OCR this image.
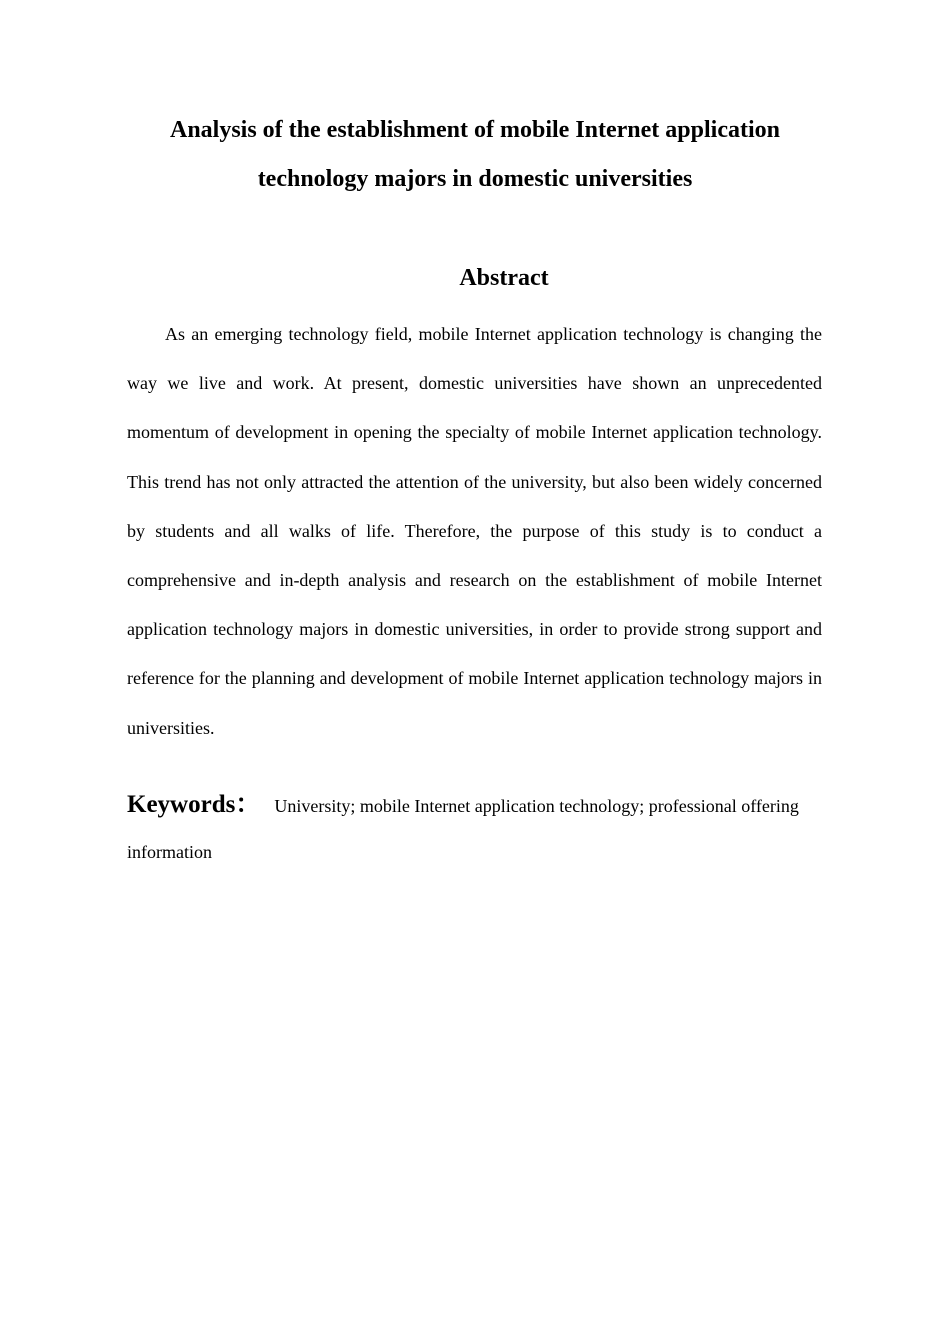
Analysis of the establishment of mobile Internet application technology majors in domestic universities
Abstract

As an emerging technology field, mobile Internet application technology is changing the way we live and work. At present, domestic universities have shown an unprecedented momentum of development in opening the specialty of mobile Internet application technology. This trend has not only attracted the attention of the university, but also been widely concerned by students and all walks of life. Therefore, the purpose of this study is to conduct a comprehensive and in-depth analysis and research on the establishment of mobile Internet application technology majors in domestic universities, in order to provide strong support and reference for the planning and development of mobile Internet application technology majors in universities.

Keywords： University; mobile Internet application technology; professional offering information
